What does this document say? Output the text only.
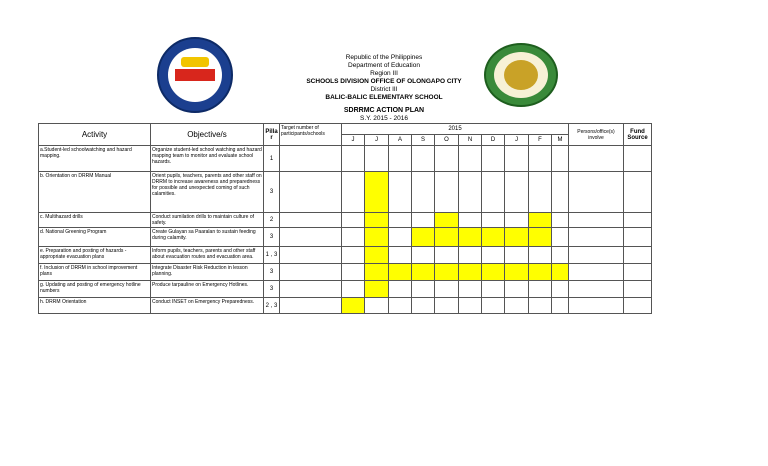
Republic of the Philippines
Department of Education
Region III
SCHOOLS DIVISION OFFICE OF OLONGAPO CITY
District III
BALIC-BALIC ELEMENTARY SCHOOL
SDRRMC ACTION PLAN
S.Y. 2015 - 2016
Activity	Objective/s	Pilla r	Target number of participants/schools	2015										Persons/office(s) involve	Fund Source
				J	J	A	S	O	N	D	J	F	M		
a.Student-led schoolwatching and hazard mapping.	Organize student-led school watching and hazard mapping team to monitor and evaluate school hazards.	1													
b. Orientation on DRRM Manual	Orient pupils, teachers, parents and other staff on DRRM to increase awareness and preparedness for possible and unexpected coming of such calamities.	3													
c. Multihazard drills	Conduct sumilation drills to maintain culture of safety.	2													
d. National Greening Program	Create Gulayan sa Paaralan to sustain feeding during calamity.	3													
e. Preparation and posting of hazards - appropriate evacuation plans	Inform pupils, teachers, parents and other staff about evacuation routes and evacuation area.	1 , 3													
f. Inclusion of DRRM in school improvement plans	Integrate Disaster Risk Reduction in lesson planning.	3													
g. Updating and posting of emergency hotline numbers	Produce tarpauline on Emergency Hotlines.	3													
h. DRRM Orientation	Conduct INSET on Emergency Preparedness.	2 , 3													
